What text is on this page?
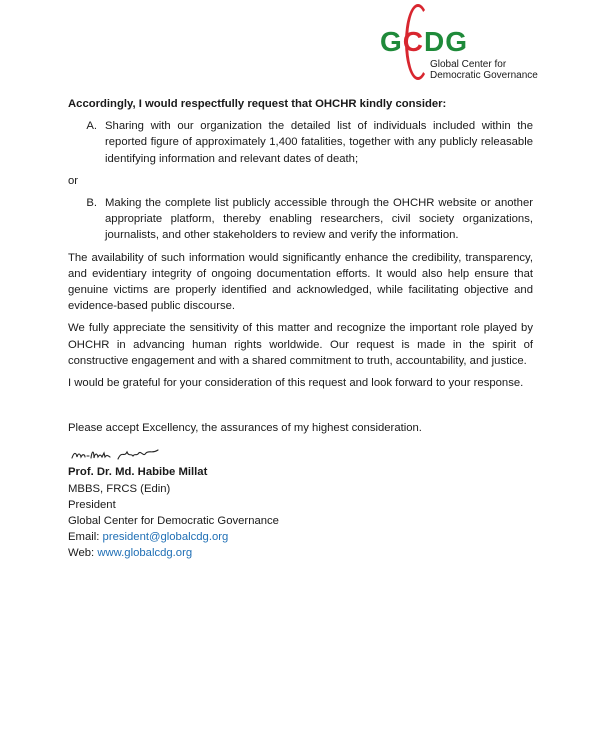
GCDG
Global Center for
Democratic Governance
Accordingly, I would respectfully request that OHCHR kindly consider:
A. Sharing with our organization the detailed list of individuals included within the reported figure of approximately 1,400 fatalities, together with any publicly releasable identifying information and relevant dates of death;
or
B. Making the complete list publicly accessible through the OHCHR website or another appropriate platform, thereby enabling researchers, civil society organizations, journalists, and other stakeholders to review and verify the information.

The availability of such information would significantly enhance the credibility, transparency, and evidentiary integrity of ongoing documentation efforts. It would also help ensure that genuine victims are properly identified and acknowledged, while facilitating objective and evidence-based public discourse.

We fully appreciate the sensitivity of this matter and recognize the important role played by OHCHR in advancing human rights worldwide. Our request is made in the spirit of constructive engagement and with a shared commitment to truth, accountability, and justice.

I would be grateful for your consideration of this request and look forward to your response.

Please accept Excellency, the assurances of my highest consideration.
Prof. Dr. Md. Habibe Millat
MBBS, FRCS (Edin)
President
Global Center for Democratic Governance
Email: president@globalcdg.org
Web: www.globalcdg.org
